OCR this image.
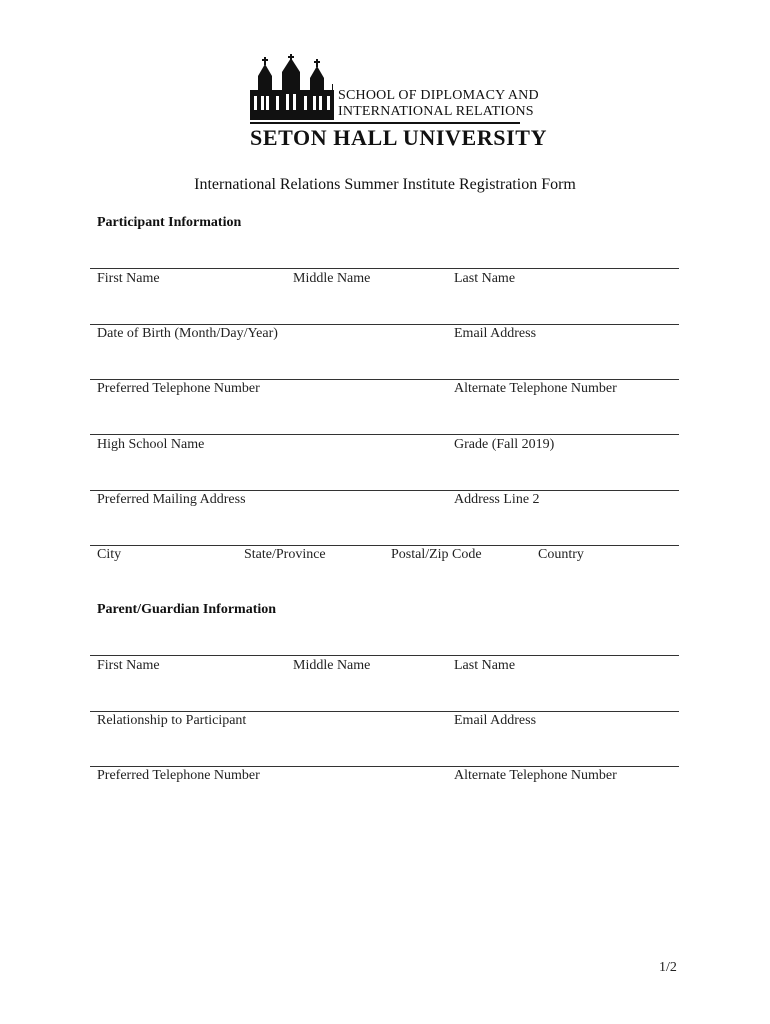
SCHOOL OF DIPLOMACY AND
INTERNATIONAL RELATIONS
SETON HALL UNIVERSITY
International Relations Summer Institute Registration Form
Participant Information
First Name	Middle Name	Last Name
Date of Birth (Month/Day/Year)	Email Address
Preferred Telephone Number	Alternate Telephone Number
High School Name	Grade (Fall 2019)
Preferred Mailing Address	Address Line 2
City	State/Province	Postal/Zip Code	Country
Parent/Guardian Information
First Name	Middle Name	Last Name
Relationship to Participant	Email Address
Preferred Telephone Number	Alternate Telephone Number
1/2
